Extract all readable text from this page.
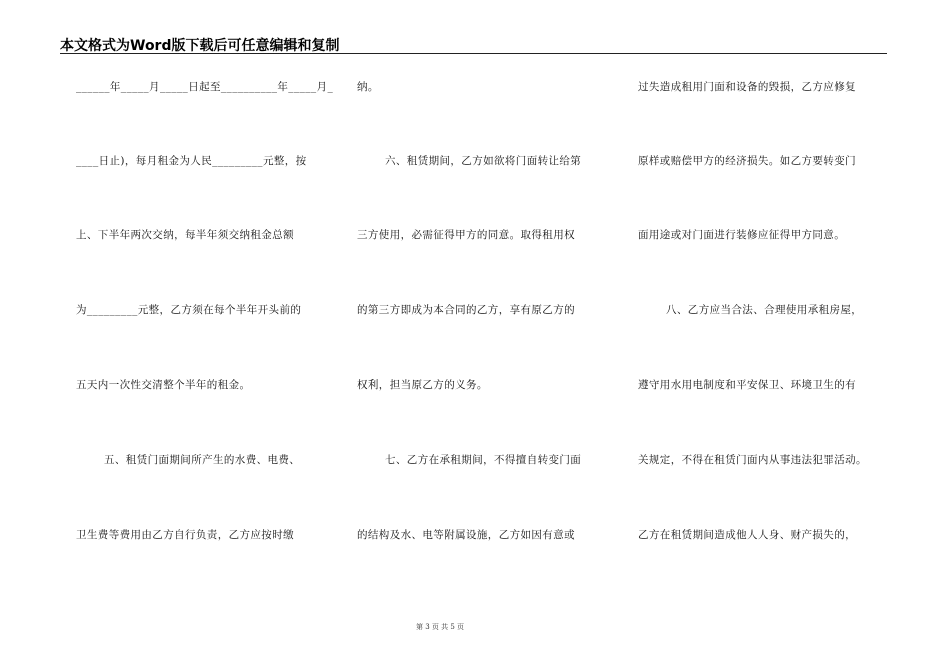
本文格式为Word版下载后可任意编辑和复制
______年_____月_____日起至__________年_____月_
____日止)，每月租金为人民_________元整，按
上、下半年两次交纳，每半年须交纳租金总额
为_________元整，乙方须在每个半年开头前的
五天内一次性交清整个半年的租金。
五、租赁门面期间所产生的水费、电费、
卫生费等费用由乙方自行负责，乙方应按时缴
纳。
六、租赁期间，乙方如欲将门面转让给第
三方使用，必需征得甲方的同意。取得租用权
的第三方即成为本合同的乙方，享有原乙方的
权利，担当原乙方的义务。
七、乙方在承租期间，不得擅自转变门面
的结构及水、电等附属设施，乙方如因有意或
过失造成租用门面和设备的毁损，乙方应修复
原样或赔偿甲方的经济损失。如乙方要转变门
面用途或对门面进行装修应征得甲方同意。
八、乙方应当合法、合理使用承租房屋，
遵守用水用电制度和平安保卫、环境卫生的有
关规定，不得在租赁门面内从事违法犯罪活动。
乙方在租赁期间造成他人人身、财产损失的，
第 3 页 共 5 页
